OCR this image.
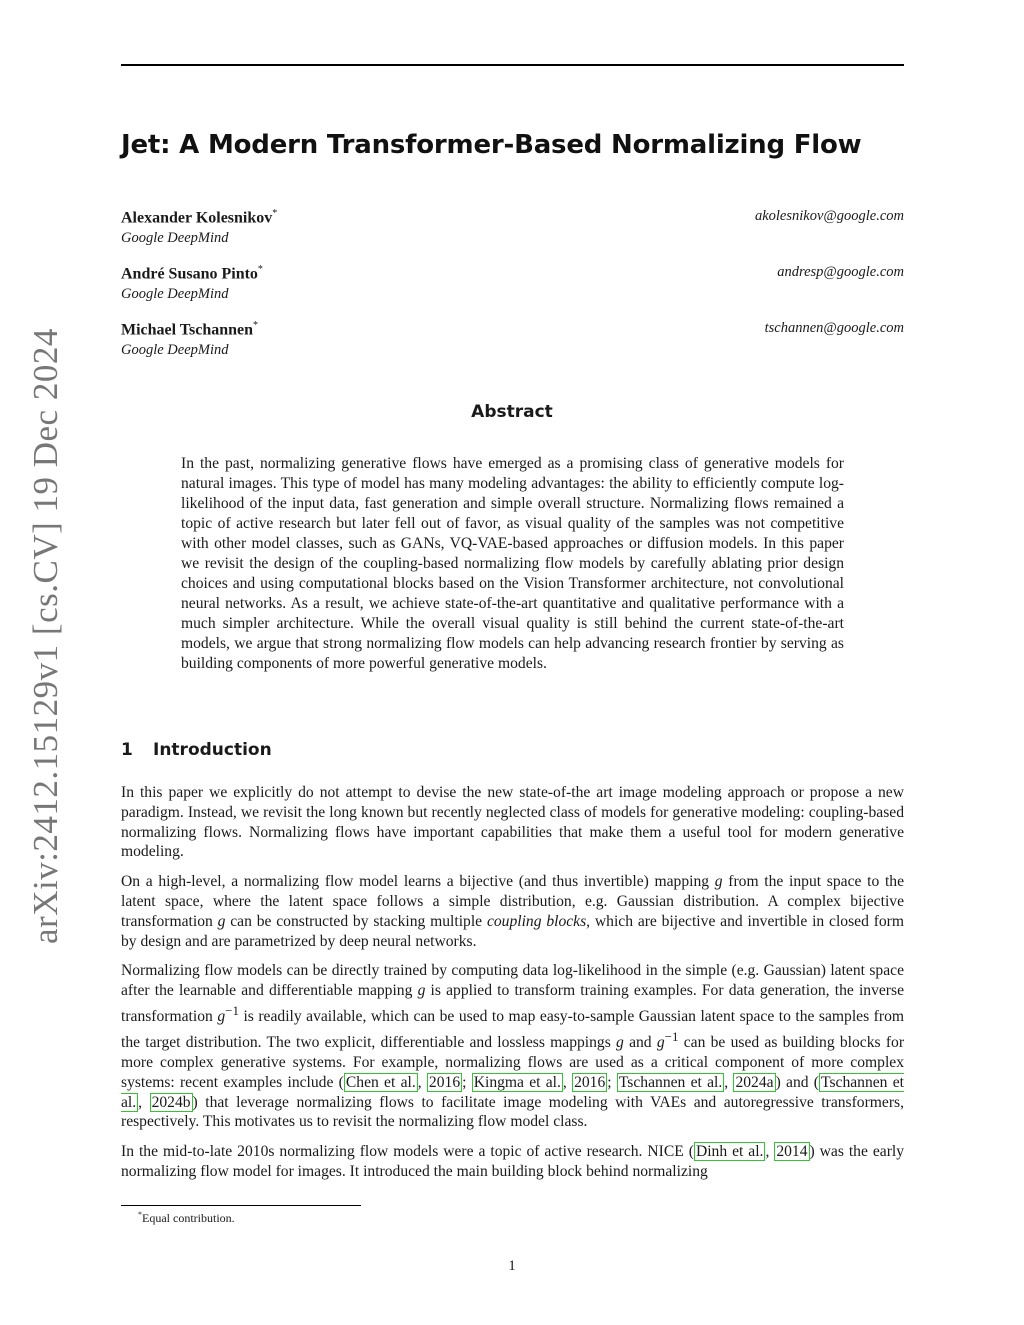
arXiv:2412.15129v1 [cs.CV] 19 Dec 2024
Jet: A Modern Transformer-Based Normalizing Flow
Alexander Kolesnikov*
Google DeepMind
akolesnikov@google.com
André Susano Pinto*
Google DeepMind
andresp@google.com
Michael Tschannen*
Google DeepMind
tschannen@google.com
Abstract
In the past, normalizing generative flows have emerged as a promising class of generative models for natural images. This type of model has many modeling advantages: the ability to efficiently compute log-likelihood of the input data, fast generation and simple overall structure. Normalizing flows remained a topic of active research but later fell out of favor, as visual quality of the samples was not competitive with other model classes, such as GANs, VQ-VAE-based approaches or diffusion models. In this paper we revisit the design of the coupling-based normalizing flow models by carefully ablating prior design choices and using computational blocks based on the Vision Transformer architecture, not convolutional neural networks. As a result, we achieve state-of-the-art quantitative and qualitative performance with a much simpler architecture. While the overall visual quality is still behind the current state-of-the-art models, we argue that strong normalizing flow models can help advancing research frontier by serving as building components of more powerful generative models.
1 Introduction

In this paper we explicitly do not attempt to devise the new state-of-the art image modeling approach or propose a new paradigm. Instead, we revisit the long known but recently neglected class of models for generative modeling: coupling-based normalizing flows. Normalizing flows have important capabilities that make them a useful tool for modern generative modeling.

On a high-level, a normalizing flow model learns a bijective (and thus invertible) mapping g from the input space to the latent space, where the latent space follows a simple distribution, e.g. Gaussian distribution. A complex bijective transformation g can be constructed by stacking multiple coupling blocks, which are bijective and invertible in closed form by design and are parametrized by deep neural networks.

Normalizing flow models can be directly trained by computing data log-likelihood in the simple (e.g. Gaussian) latent space after the learnable and differentiable mapping g is applied to transform training examples. For data generation, the inverse transformation $g^{-1}$ is readily available, which can be used to map easy-to-sample Gaussian latent space to the samples from the target distribution. The two explicit, differentiable and lossless mappings g and $g^{-1}$ can be used as building blocks for more complex generative systems. For example, normalizing flows are used as a critical component of more complex systems: recent examples include ( Chen et al. , 2016 ; Kingma et al. , 2016 ; Tschannen et al. , 2024a ) and ( Tschannen et al. , 2024b ) that leverage normalizing flows to facilitate image modeling with VAEs and autoregressive transformers, respectively. This motivates us to revisit the normalizing flow model class.

In the mid-to-late 2010s normalizing flow models were a topic of active research. NICE ( Dinh et al. , 2014 ) was the early normalizing flow model for images. It introduced the main building block behind normalizing

*Equal contribution.
1
